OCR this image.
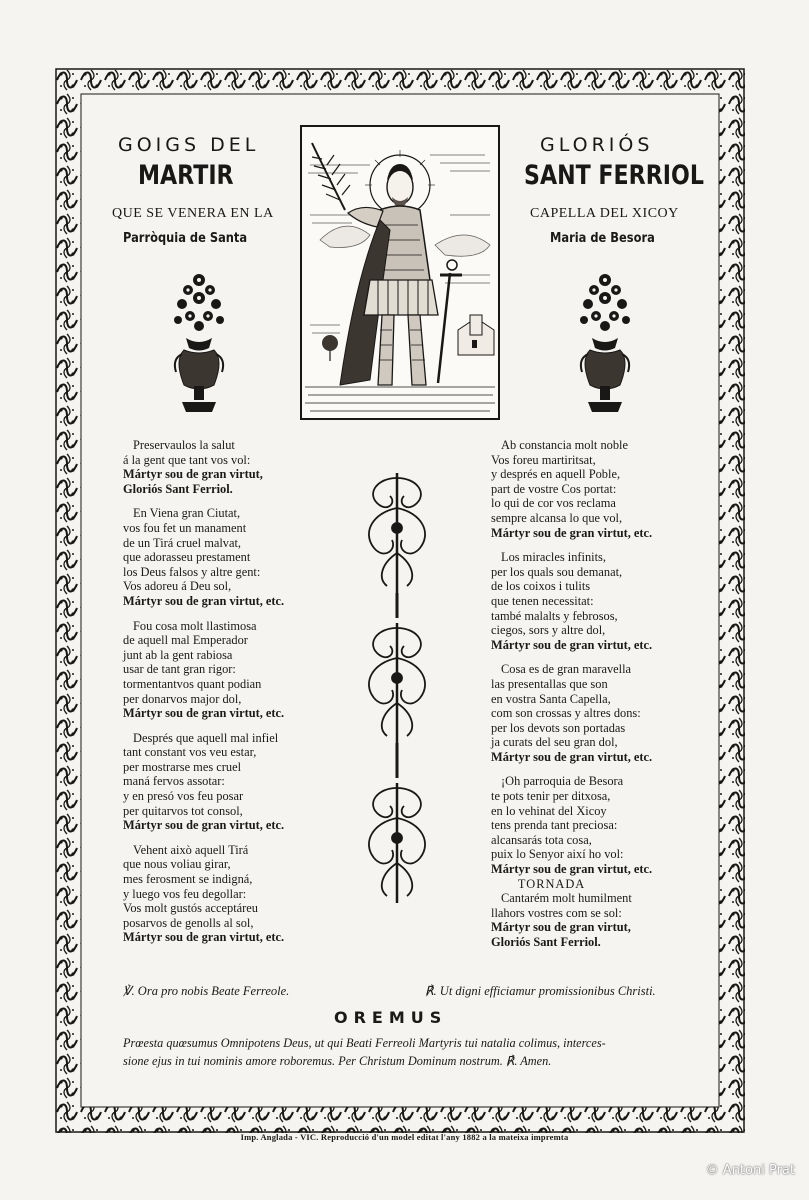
GOIGS DEL	GLORIÓS
MARTIR	SANT FERRIOL
QUE SE VENERA EN LA	CAPELLA DEL XICOY
Parròquia de Santa	Maria de Besora
Preservaulos la salut
á la gent que tant vos vol:
Mártyr sou de gran virtut,
Gloriós Sant Ferriol.
En Viena gran Ciutat,
vos fou fet un manament
de un Tirá cruel malvat,
que adorasseu prestament
los Deus falsos y altre gent:
Vos adoreu á Deu sol,
Mártyr sou de gran virtut, etc.
Fou cosa molt llastimosa
de aquell mal Emperador
junt ab la gent rabiosa
usar de tant gran rigor:
tormentantvos quant podian
per donarvos major dol,
Mártyr sou de gran virtut, etc.
Després que aquell mal infiel
tant constant vos veu estar,
per mostrarse mes cruel
maná fervos assotar:
y en presó vos feu posar
per quitarvos tot consol,
Mártyr sou de gran virtut, etc.
Vehent això aquell Tirá
que nous voliau girar,
mes ferosment se indigná,
y luego vos feu degollar:
Vos molt gustós acceptáreu
posarvos de genolls al sol,
Mártyr sou de gran virtut, etc.
Ab constancia molt noble
Vos foreu martiritsat,
y després en aquell Poble,
part de vostre Cos portat:
lo qui de cor vos reclama
sempre alcansa lo que vol,
Mártyr sou de gran virtut, etc.
Los miracles infinits,
per los quals sou demanat,
de los coixos i tulits
que tenen necessitat:
també malalts y febrosos,
ciegos, sors y altre dol,
Mártyr sou de gran virtut, etc.
Cosa es de gran maravella
las presentallas que son
en vostra Santa Capella,
com son crossas y altres dons:
per los devots son portadas
ja curats del seu gran dol,
Mártyr sou de gran virtut, etc.
¡Oh parroquia de Besora
te pots tenir per ditxosa,
en lo vehinat del Xicoy
tens prenda tant preciosa:
alcansarás tota cosa,
puix lo Senyor així ho vol:
Mártyr sou de gran virtut, etc.
TORNADA
Cantarém molt humilment
llahors vostres com se sol:
Mártyr sou de gran virtut,
Gloriós Sant Ferriol.
℣. Ora pro nobis Beate Ferreole.	℟. Ut digni efficiamur promissionibus Christi.
OREMUS
Prœesta quœsumus Omnipotens Deus, ut qui Beati Ferreoli Martyris tui natalia colimus, interces-
sione ejus in tui nominis amore roboremus. Per Christum Dominum nostrum. ℟. Amen.
Imp. Anglada - VIC. Reproducció d'un model editat l'any 1882 a la mateixa impremta
© Antoni Prat
